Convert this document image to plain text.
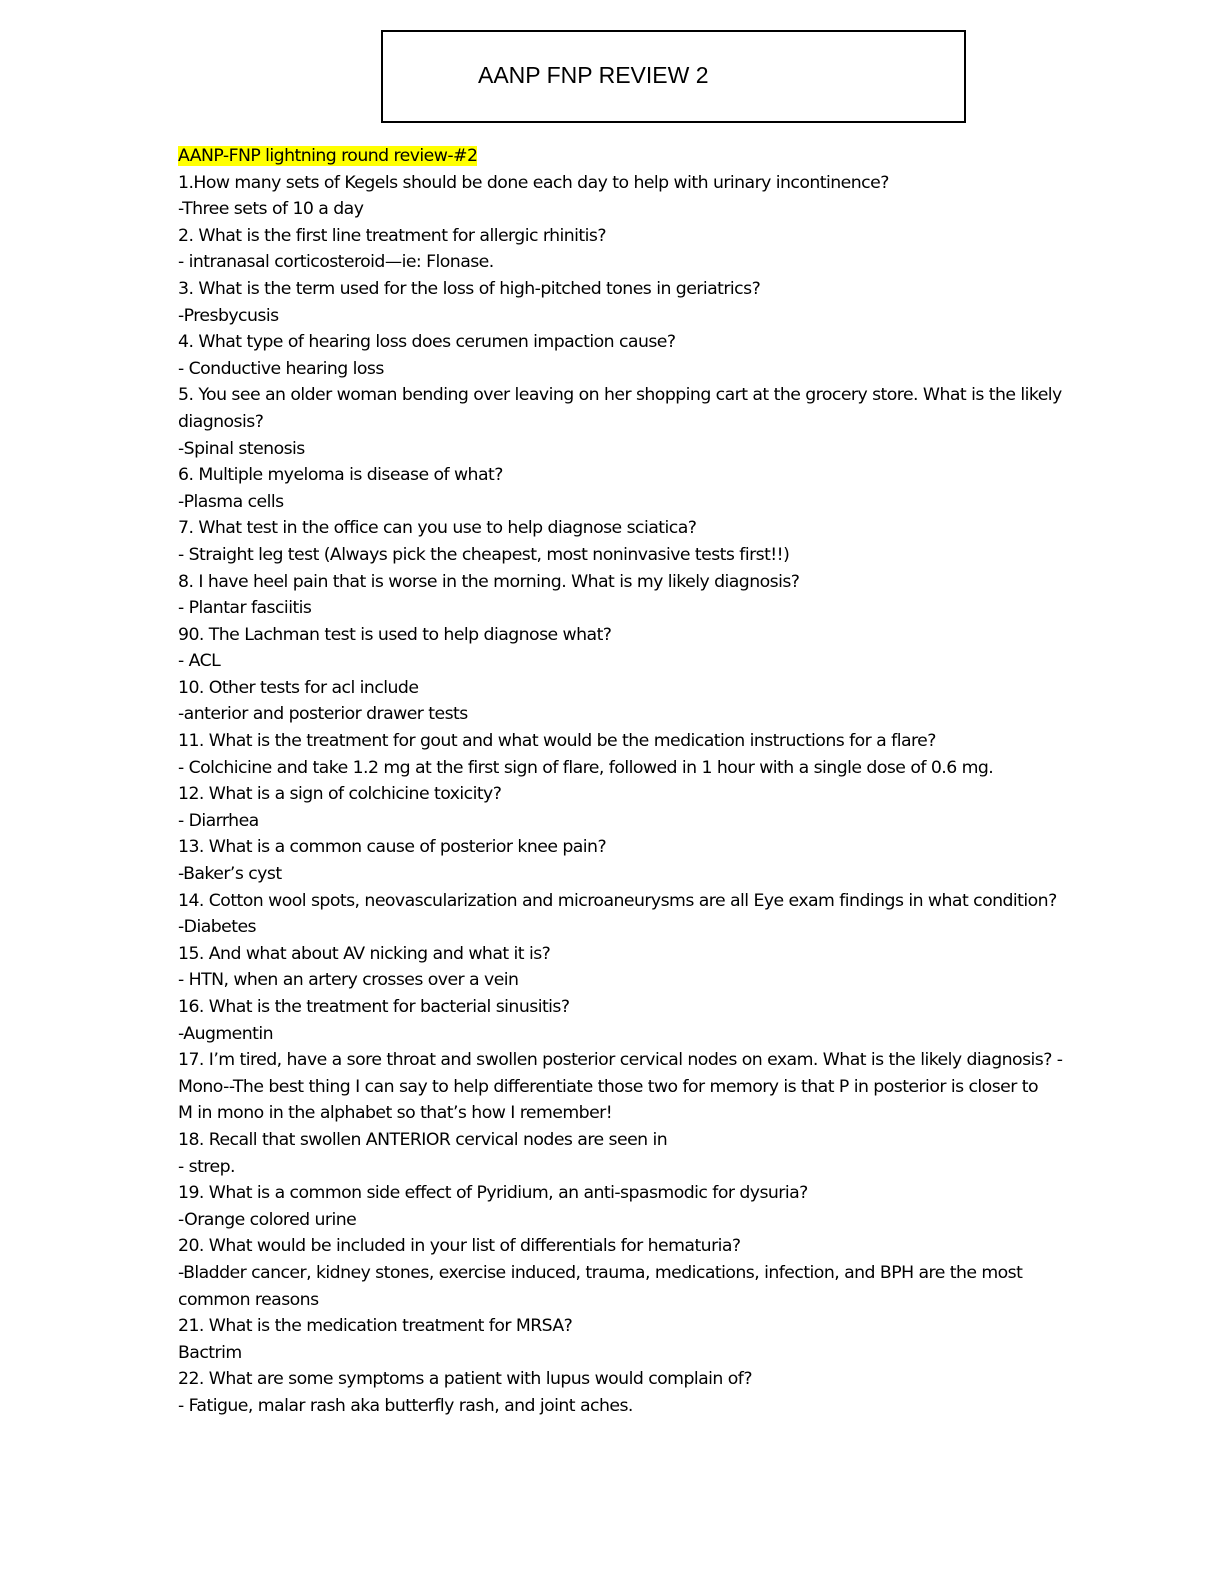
AANP FNP REVIEW 2
AANP-FNP lightning round review-#2
1.How many sets of Kegels should be done each day to help with urinary incontinence?
-Three sets of 10 a day
2. What is the first line treatment for allergic rhinitis?
- intranasal corticosteroid—ie: Flonase.
3. What is the term used for the loss of high-pitched tones in geriatrics?
-Presbycusis
4. What type of hearing loss does cerumen impaction cause?
- Conductive hearing loss
5. You see an older woman bending over leaving on her shopping cart at the grocery store. What is the likely
diagnosis?
-Spinal stenosis
6. Multiple myeloma is disease of what?
-Plasma cells
7. What test in the office can you use to help diagnose sciatica?
- Straight leg test (Always pick the cheapest, most noninvasive tests first!!)
8. I have heel pain that is worse in the morning. What is my likely diagnosis?
- Plantar fasciitis
90. The Lachman test is used to help diagnose what?
- ACL
10. Other tests for acl include
-anterior and posterior drawer tests
11. What is the treatment for gout and what would be the medication instructions for a flare?
- Colchicine and take 1.2 mg at the first sign of flare, followed in 1 hour with a single dose of 0.6 mg.
12. What is a sign of colchicine toxicity?
- Diarrhea
13. What is a common cause of posterior knee pain?
-Baker’s cyst
14. Cotton wool spots, neovascularization and microaneurysms are all Eye exam findings in what condition?
-Diabetes
15. And what about AV nicking and what it is?
- HTN, when an artery crosses over a vein
16. What is the treatment for bacterial sinusitis?
-Augmentin
17. I’m tired, have a sore throat and swollen posterior cervical nodes on exam. What is the likely diagnosis? -
Mono--The best thing I can say to help differentiate those two for memory is that P in posterior is closer to
M in mono in the alphabet so that’s how I remember!
18. Recall that swollen ANTERIOR cervical nodes are seen in
- strep.
19. What is a common side effect of Pyridium, an anti-spasmodic for dysuria?
-Orange colored urine
20. What would be included in your list of differentials for hematuria?
-Bladder cancer, kidney stones, exercise induced, trauma, medications, infection, and BPH are the most
common reasons
21. What is the medication treatment for MRSA?
Bactrim
22. What are some symptoms a patient with lupus would complain of?
- Fatigue, malar rash aka butterfly rash, and joint aches.
